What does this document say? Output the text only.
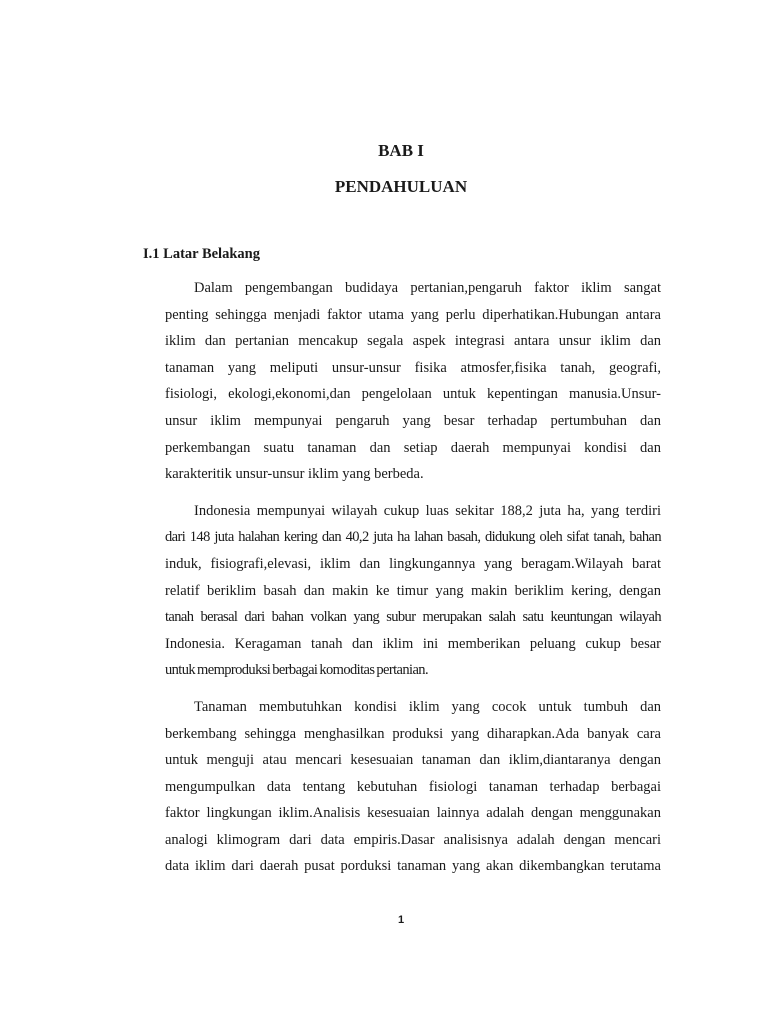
BAB I
PENDAHULUAN
I.1 Latar Belakang

Dalam pengembangan budidaya pertanian,pengaruh faktor iklim sangat
penting sehingga menjadi faktor utama yang perlu diperhatikan.Hubungan antara
iklim dan pertanian mencakup segala aspek integrasi antara unsur iklim dan
tanaman yang meliputi unsur-unsur fisika atmosfer,fisika tanah, geografi,
fisiologi, ekologi,ekonomi,dan pengelolaan untuk kepentingan manusia.Unsur-
unsur iklim mempunyai pengaruh yang besar terhadap pertumbuhan dan
perkembangan suatu tanaman dan setiap daerah mempunyai kondisi dan
karakteritik unsur-unsur iklim yang berbeda.

Indonesia mempunyai wilayah cukup luas sekitar 188,2 juta ha, yang terdiri
dari 148 juta halahan kering dan 40,2 juta ha lahan basah, didukung oleh sifat tanah, bahan
induk, fisiografi,elevasi, iklim dan lingkungannya yang beragam.Wilayah barat
relatif beriklim basah dan makin ke timur yang makin beriklim kering, dengan
tanah berasal dari bahan volkan yang subur merupakan salah satu keuntungan wilayah
Indonesia. Keragaman tanah dan iklim ini memberikan peluang cukup besar
untuk memproduksi berbagai komoditas pertanian.

Tanaman membutuhkan kondisi iklim yang cocok untuk tumbuh dan
berkembang sehingga menghasilkan produksi yang diharapkan.Ada banyak cara
untuk menguji atau mencari kesesuaian tanaman dan iklim,diantaranya dengan
mengumpulkan data tentang kebutuhan fisiologi tanaman terhadap berbagai
faktor lingkungan iklim.Analisis kesesuaian lainnya adalah dengan menggunakan
analogi klimogram dari data empiris.Dasar analisisnya adalah dengan mencari
data iklim dari daerah pusat porduksi tanaman yang akan dikembangkan terutama

1
